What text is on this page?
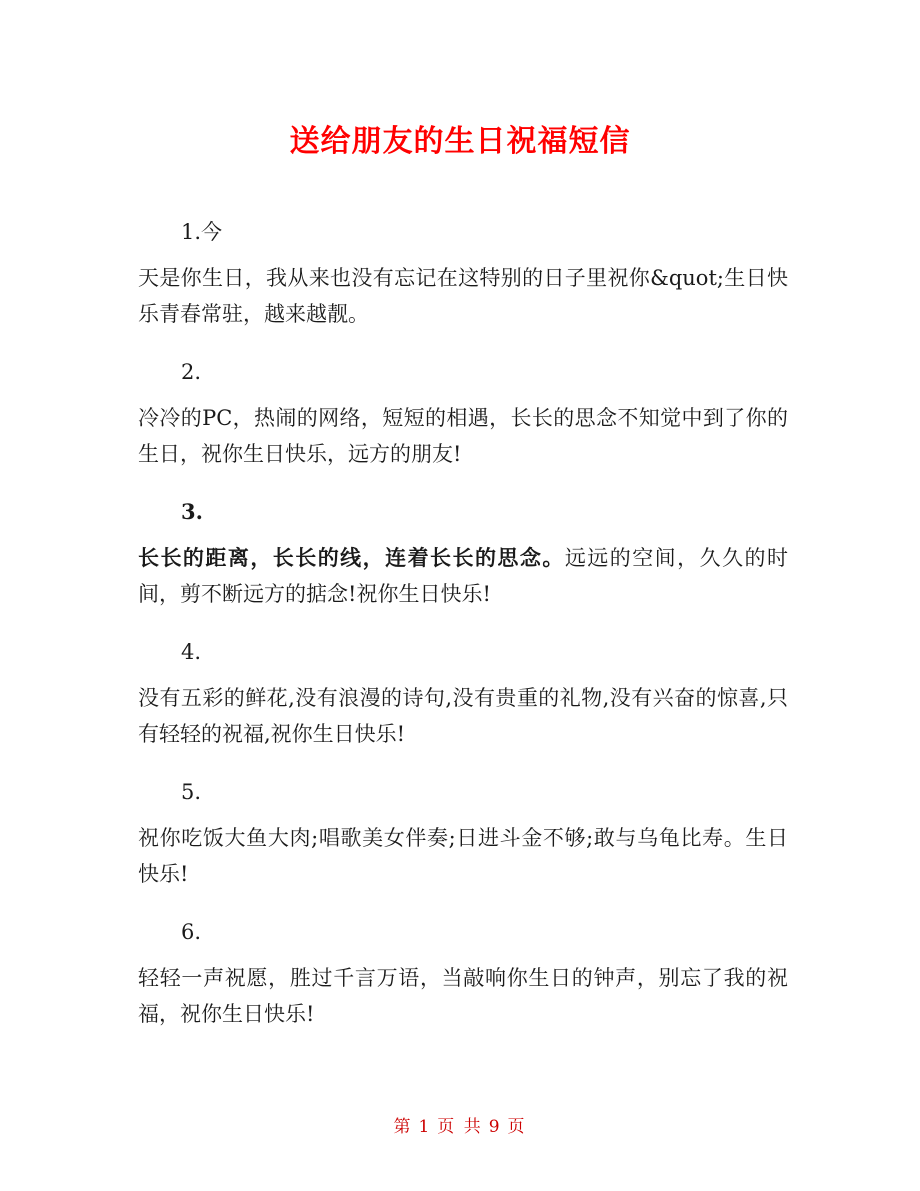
送给朋友的生日祝福短信
1.今
天是你生日，我从来也没有忘记在这特别的日子里祝你&quot;生日快乐青春常驻，越来越靓。
2.
冷冷的PC，热闹的网络，短短的相遇，长长的思念不知觉中到了你的生日，祝你生日快乐，远方的朋友!
3.
长长的距离，长长的线，连着长长的思念。远远的空间，久久的时间，剪不断远方的掂念!祝你生日快乐!
4.
没有五彩的鲜花,没有浪漫的诗句,没有贵重的礼物,没有兴奋的惊喜,只有轻轻的祝福,祝你生日快乐!
5.
祝你吃饭大鱼大肉;唱歌美女伴奏;日进斗金不够;敢与乌龟比寿。生日快乐!
6.
轻轻一声祝愿，胜过千言万语，当敲响你生日的钟声，别忘了我的祝福，祝你生日快乐!
第 1 页 共 9 页
